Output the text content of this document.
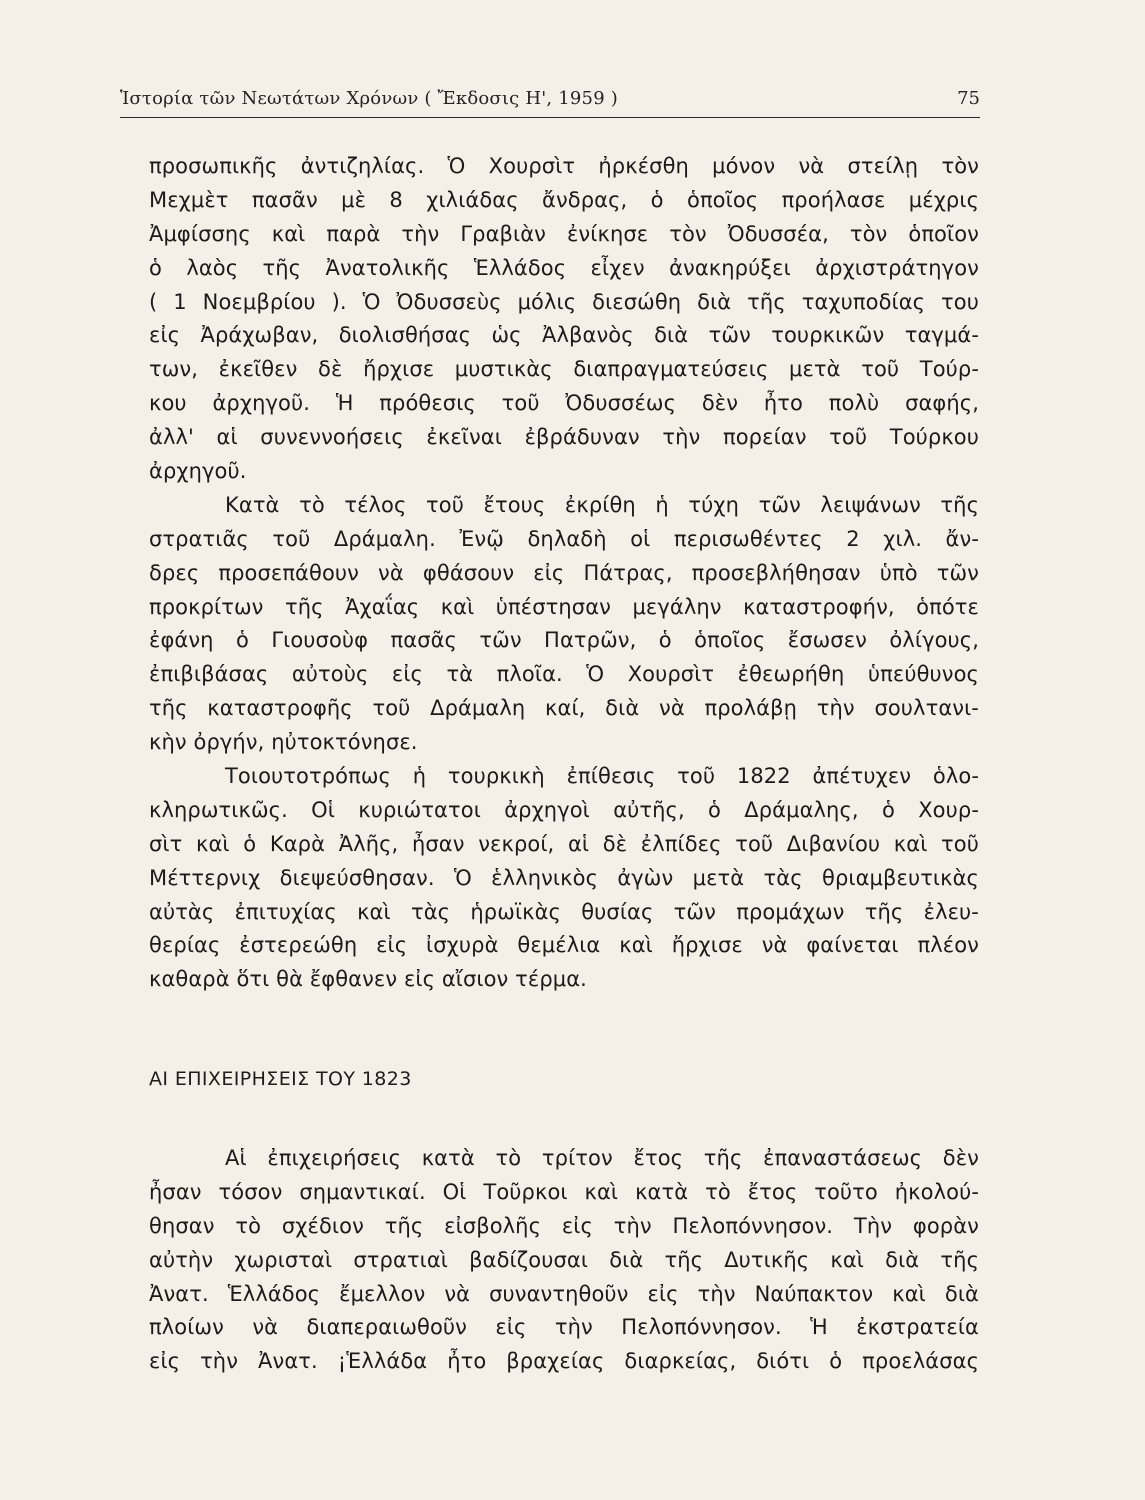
Ἱστορία τῶν Νεωτάτων Χρόνων ( Ἔκδοσις Η', 1959 )	75
προσωπικῆς ἀντιζηλίας. Ὁ Χουρσὶτ ἠρκέσθη μόνον νὰ στείλῃ τὸν
Μεχμὲτ πασᾶν μὲ 8 χιλιάδας ἄνδρας, ὁ ὁποῖος προήλασε μέχρις
Ἀμφίσσης καὶ παρὰ τὴν Γραβιὰν ἐνίκησε τὸν Ὀδυσσέα, τὸν ὁποῖον
ὁ λαὸς τῆς Ἀνατολικῆς Ἑλλάδος εἶχεν ἀνακηρύξει ἀρχιστράτηγον
( 1 Νοεμβρίου ). Ὁ Ὀδυσσεὺς μόλις διεσώθη διὰ τῆς ταχυποδίας του
εἰς Ἀράχωβαν, διολισθήσας ὡς Ἀλβανὸς διὰ τῶν τουρκικῶν ταγμά-
των, ἐκεῖθεν δὲ ἤρχισε μυστικὰς διαπραγματεύσεις μετὰ τοῦ Τούρ-
κου ἀρχηγοῦ. Ἡ πρόθεσις τοῦ Ὀδυσσέως δὲν ἦτο πολὺ σαφής,
ἀλλ' αἱ συνεννοήσεις ἐκεῖναι ἐβράδυναν τὴν πορείαν τοῦ Τούρκου
ἀρχηγοῦ.
Κατὰ τὸ τέλος τοῦ ἔτους ἐκρίθη ἡ τύχη τῶν λειψάνων τῆς
στρατιᾶς τοῦ Δράμαλη. Ἐνῷ δηλαδὴ οἱ περισωθέντες 2 χιλ. ἄν-
δρες προσεπάθουν νὰ φθάσουν εἰς Πάτρας, προσεβλήθησαν ὑπὸ τῶν
προκρίτων τῆς Ἀχαΐας καὶ ὑπέστησαν μεγάλην καταστροφήν, ὁπότε
ἐφάνη ὁ Γιουσοὺφ πασᾶς τῶν Πατρῶν, ὁ ὁποῖος ἔσωσεν ὀλίγους,
ἐπιβιβάσας αὐτοὺς εἰς τὰ πλοῖα. Ὁ Χουρσὶτ ἐθεωρήθη ὑπεύθυνος
τῆς καταστροφῆς τοῦ Δράμαλη καί, διὰ νὰ προλάβῃ τὴν σουλτανι-
κὴν ὀργήν, ηὐτοκτόνησε.
Τοιουτοτρόπως ἡ τουρκικὴ ἐπίθεσις τοῦ 1822 ἀπέτυχεν ὁλο-
κληρωτικῶς. Οἱ κυριώτατοι ἀρχηγοὶ αὐτῆς, ὁ Δράμαλης, ὁ Χουρ-
σὶτ καὶ ὁ Καρὰ Ἀλῆς, ἦσαν νεκροί, αἱ δὲ ἐλπίδες τοῦ Διβανίου καὶ τοῦ
Μέττερνιχ διεψεύσθησαν. Ὁ ἑλληνικὸς ἀγὼν μετὰ τὰς θριαμβευτικὰς
αὐτὰς ἐπιτυχίας καὶ τὰς ἡρωϊκὰς θυσίας τῶν προμάχων τῆς ἐλευ-
θερίας ἐστερεώθη εἰς ἰσχυρὰ θεμέλια καὶ ἤρχισε νὰ φαίνεται πλέον
καθαρὰ ὅτι θὰ ἔφθανεν εἰς αἴσιον τέρμα.
ΑΙ ΕΠΙΧΕΙΡΗΣΕΙΣ ΤΟΥ 1823
Αἱ ἐπιχειρήσεις κατὰ τὸ τρίτον ἔτος τῆς ἐπαναστάσεως δὲν
ἦσαν τόσον σημαντικαί. Οἱ Τοῦρκοι καὶ κατὰ τὸ ἔτος τοῦτο ἠκολού-
θησαν τὸ σχέδιον τῆς εἰσβολῆς εἰς τὴν Πελοπόννησον. Τὴν φορὰν
αὐτὴν χωρισταὶ στρατιαὶ βαδίζουσαι διὰ τῆς Δυτικῆς καὶ διὰ τῆς
Ἀνατ. Ἑλλάδος ἔμελλον νὰ συναντηθοῦν εἰς τὴν Ναύπακτον καὶ διὰ
πλοίων νὰ διαπεραιωθοῦν εἰς τὴν Πελοπόννησον. Ἡ ἐκστρατεία
εἰς τὴν Ἀνατ. ¡Ἑλλάδα ἦτο βραχείας διαρκείας, διότι ὁ προελάσας
